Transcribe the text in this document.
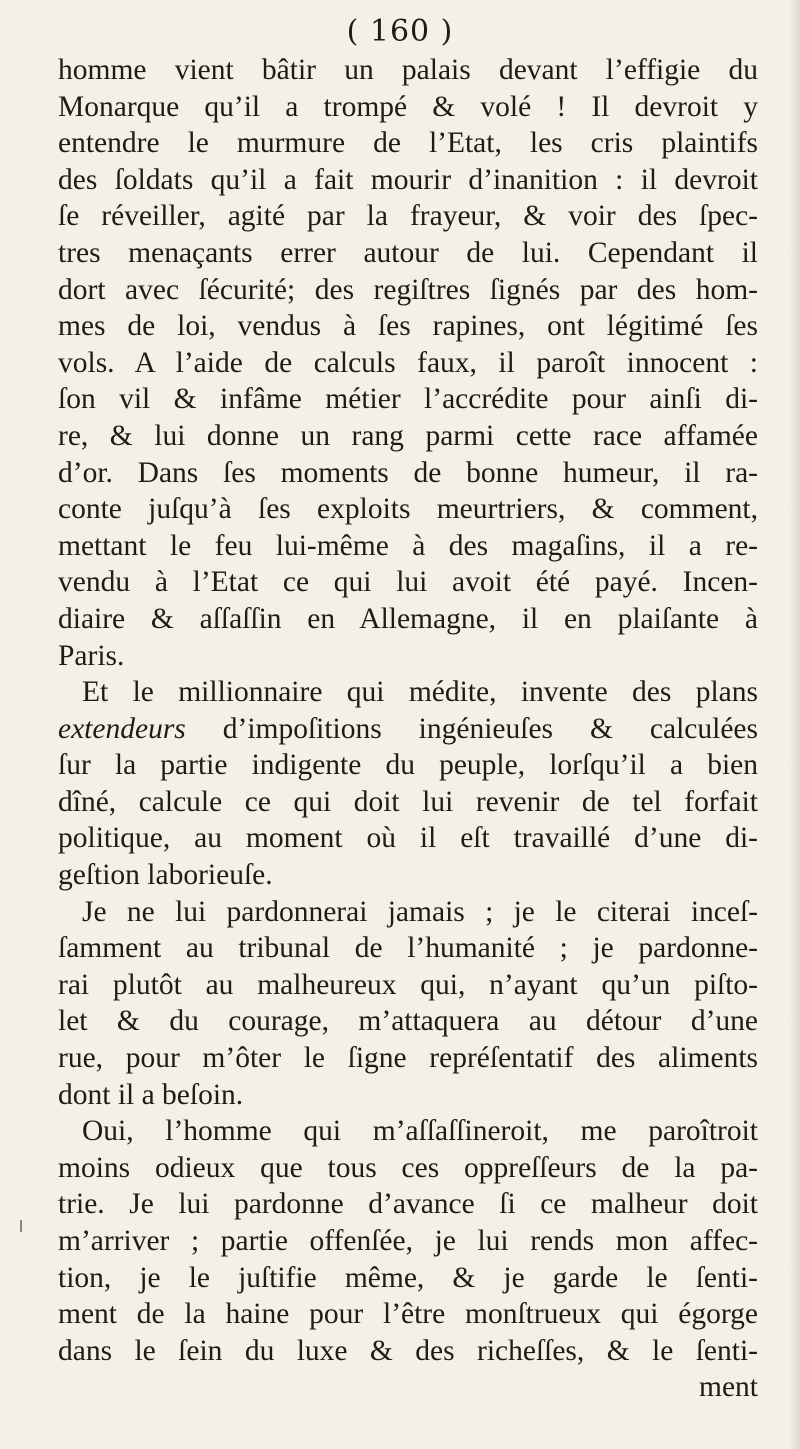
( 160 )
homme vient bâtir un palais devant l’effigie du
Monarque qu’il a trompé & volé ! Il devroit y
entendre le murmure de l’Etat, les cris plaintifs
des ſoldats qu’il a fait mourir d’inanition : il devroit
ſe réveiller, agité par la frayeur, & voir des ſpec-
tres menaçants errer autour de lui. Cependant il
dort avec ſécurité; des regiſtres ſignés par des hom-
mes de loi, vendus à ſes rapines, ont légitimé ſes
vols. A l’aide de calculs faux, il paroît innocent :
ſon vil & infâme métier l’accrédite pour ainſi di-
re, & lui donne un rang parmi cette race affamée
d’or. Dans ſes moments de bonne humeur, il ra-
conte juſqu’à ſes exploits meurtriers, & comment,
mettant le feu lui-même à des magaſins, il a re-
vendu à l’Etat ce qui lui avoit été payé. Incen-
diaire & aſſaſſin en Allemagne, il en plaiſante à
Paris.
Et le millionnaire qui médite, invente des plans
extendeurs d’impoſitions ingénieuſes & calculées
ſur la partie indigente du peuple, lorſqu’il a bien
dîné, calcule ce qui doit lui revenir de tel forfait
politique, au moment où il eſt travaillé d’une di-
geſtion laborieuſe.
Je ne lui pardonnerai jamais ; je le citerai inceſ-
ſamment au tribunal de l’humanité ; je pardonne-
rai plutôt au malheureux qui, n’ayant qu’un piſto-
let & du courage, m’attaquera au détour d’une
rue, pour m’ôter le ſigne repréſentatif des aliments
dont il a beſoin.
Oui, l’homme qui m’aſſaſſineroit, me paroîtroit
moins odieux que tous ces oppreſſeurs de la pa-
trie. Je lui pardonne d’avance ſi ce malheur doit
m’arriver ; partie offenſée, je lui rends mon affec-
tion, je le juſtifie même, & je garde le ſenti-
ment de la haine pour l’être monſtrueux qui égorge
dans le ſein du luxe & des richeſſes, & le ſenti-
ment
